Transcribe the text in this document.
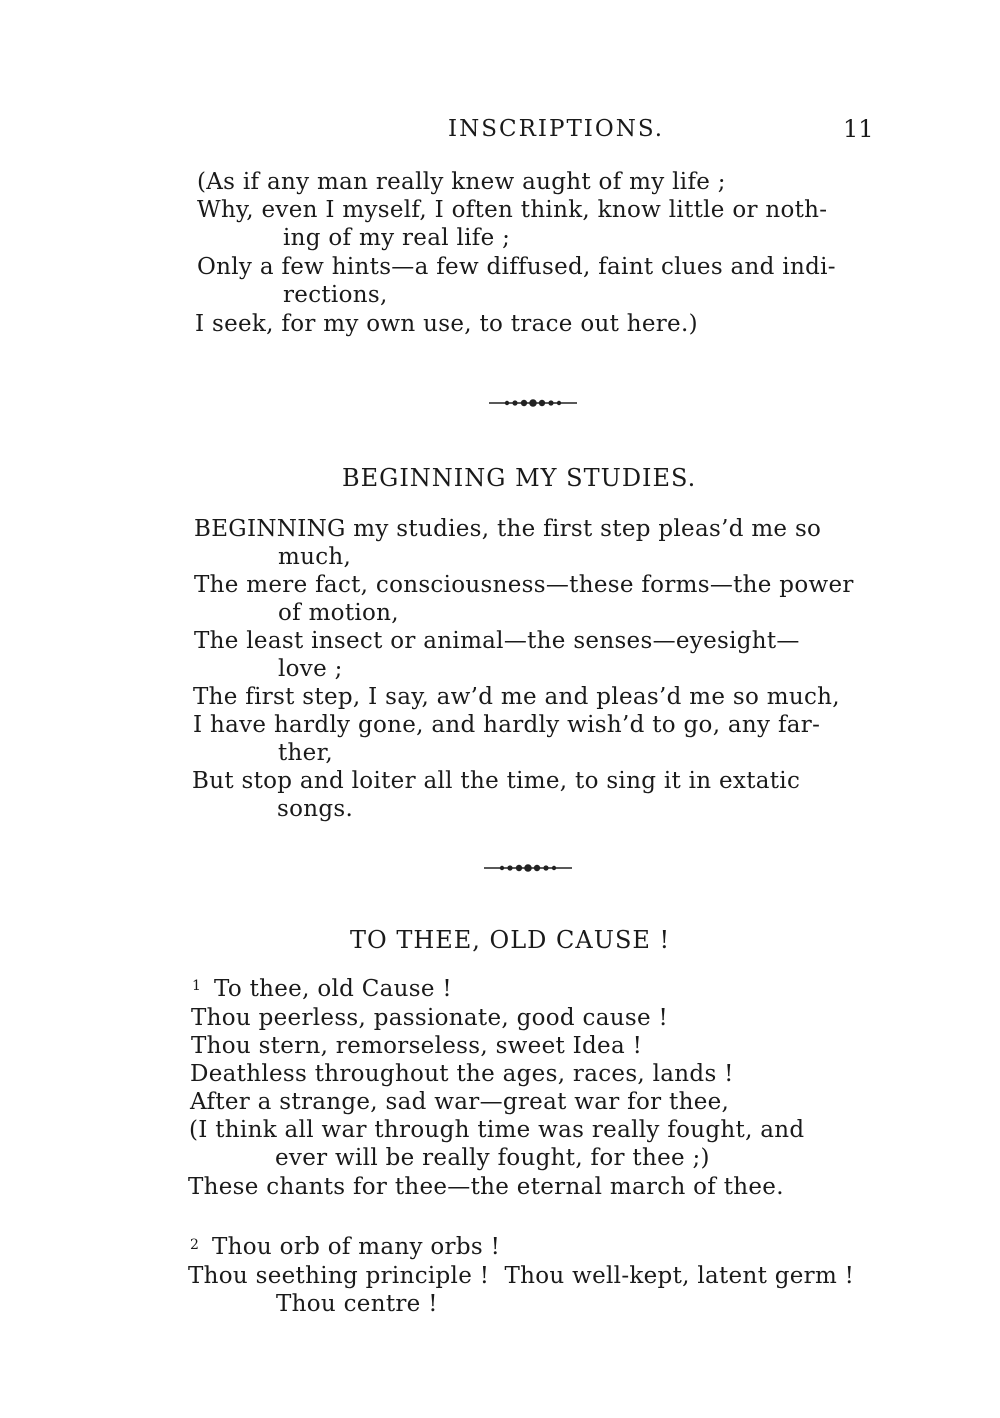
INSCRIPTIONS.	11
(As if any man really knew aught of my life ;
Why, even I myself, I often think, know little or noth-
ing of my real life ;
Only a few hints—a few diffused, faint clues and indi-
rections,
I seek, for my own use, to trace out here.)
BEGINNING MY STUDIES.
BEGINNING my studies, the first step pleas’d me so
much,
The mere fact, consciousness—these forms—the power
of motion,
The least insect or animal—the senses—eyesight—
love ;
The first step, I say, aw’d me and pleas’d me so much,
I have hardly gone, and hardly wish’d to go, any far-
ther,
But stop and loiter all the time, to sing it in extatic
songs.
TO THEE, OLD CAUSE !
1 To thee, old Cause !
Thou peerless, passionate, good cause !
Thou stern, remorseless, sweet Idea !
Deathless throughout the ages, races, lands !
After a strange, sad war—great war for thee,
(I think all war through time was really fought, and
ever will be really fought, for thee ;)
These chants for thee—the eternal march of thee.
2 Thou orb of many orbs !
Thou seething principle !  Thou well-kept, latent germ !
Thou centre !
